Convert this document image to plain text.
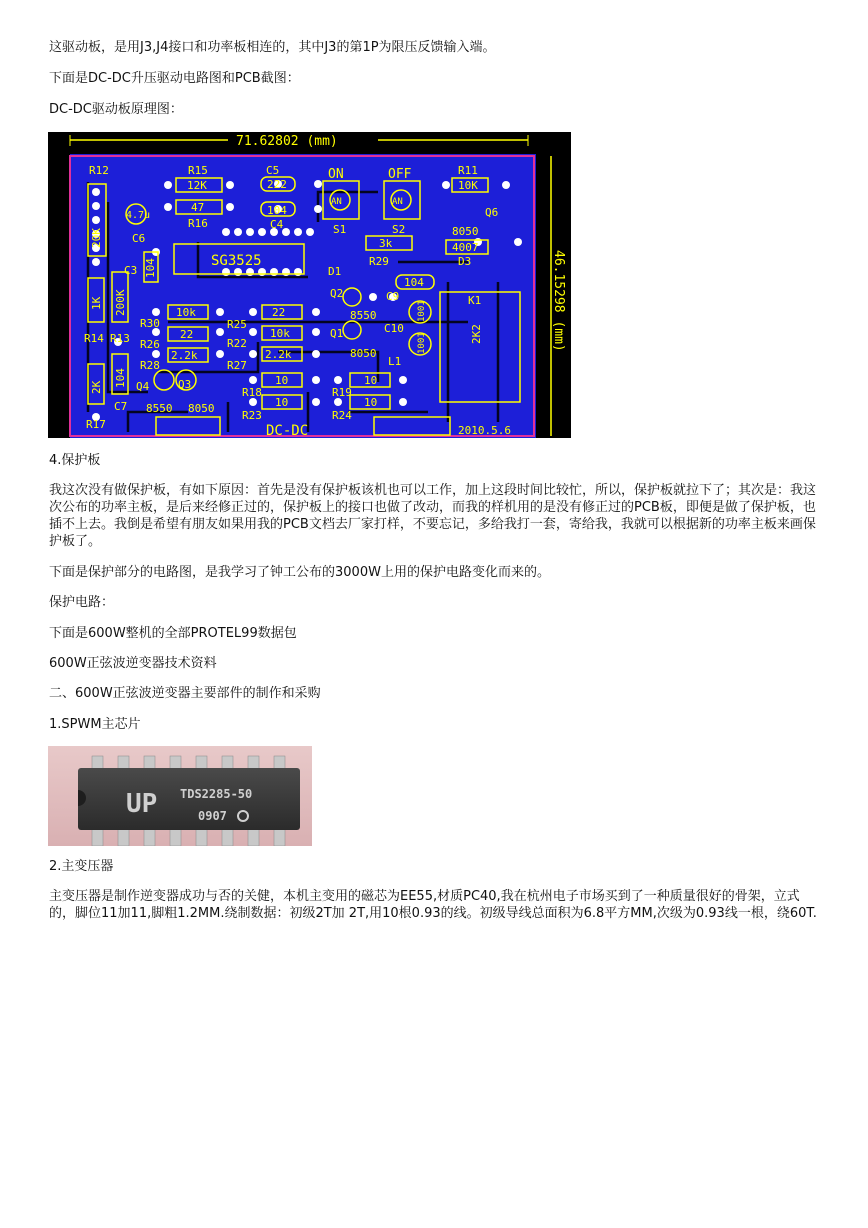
这驱动板，是用J3,J4接口和功率板相连的，其中J3的第1P为限压反馈输入端。
下面是DC-DC升压驱动电路图和PCB截图：
DC-DC驱动板原理图：
71.62802 (mm)
46.15298 (mm)
R12	R15	C5	R11
12K	222	10K
47	104
R16	C4
AN	AN
S1	S2
Q6
8050
4.7u
C6
20K
SG3525
3k
R29
4007
D3
D1
C3 104
104
C9	K1
Q2
8550
Q1
8050
C10
L1
2K2
1001
1001
10k
R30
22
R26
2.2k
R28
22
R25
10k
R22
2.2k
R27
1K 200K
R14 R13
2K 104
C7
R17
Q4	Q3
8550 8050
10
R18
10
R23
10
R19
10
R24
ON	OFF
DC-DC	2010.5.6
4.保护板
我这次没有做保护板，有如下原因：首先是没有保护板该机也可以工作，加上这段时间比较忙，所以，保护板就拉下了；其次是：我这次公布的功率主板，是后来经修正过的，保护板上的接口也做了改动，而我的样机用的是没有修正过的PCB板，即便是做了保护板，也插不上去。我倒是希望有朋友如果用我的PCB文档去厂家打样，不要忘记，多给我打一套，寄给我，我就可以根据新的功率主板来画保护板了。
下面是保护部分的电路图，是我学习了钟工公布的3000W上用的保护电路变化而来的。
保护电路：
下面是600W整机的全部PROTEL99数据包
600W正弦波逆变器技术资料
二、600W正弦波逆变器主要部件的制作和采购
1.SPWM主芯片
UP TDS2285-50
0907
2.主变压器
主变压器是制作逆变器成功与否的关健，本机主变用的磁芯为EE55,材质PC40,我在杭州电子市场买到了一种质量很好的骨架，立式的，脚位11加11,脚粗1.2MM.绕制数据：初级2T加 2T,用10根0.93的线。初级导线总面积为6.8平方MM,次级为0.93线一根，绕60T.
